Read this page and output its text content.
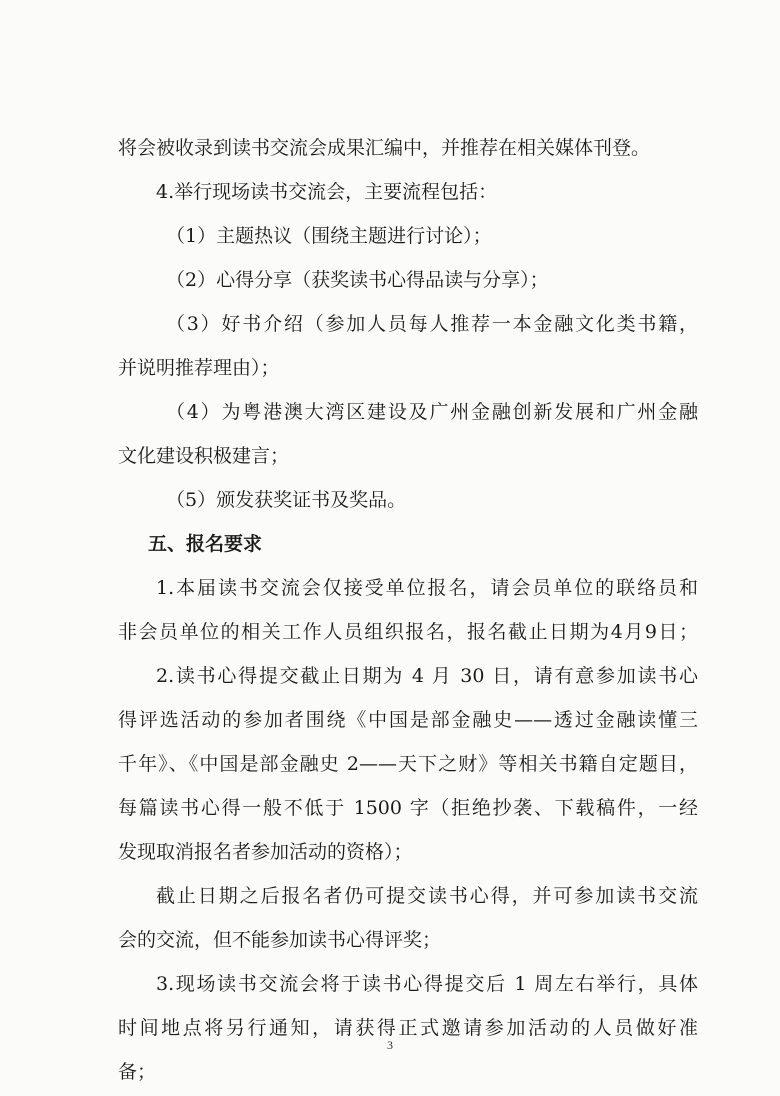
将会被收录到读书交流会成果汇编中，并推荐在相关媒体刊登。
4.举行现场读书交流会，主要流程包括：
（1）主题热议（围绕主题进行讨论）；
（2）心得分享（获奖读书心得品读与分享）；
（3）好书介绍（参加人员每人推荐一本金融文化类书籍，
并说明推荐理由）；
（4）为粤港澳大湾区建设及广州金融创新发展和广州金融
文化建设积极建言；
（5）颁发获奖证书及奖品。
五、报名要求
1.本届读书交流会仅接受单位报名，请会员单位的联络员和
非会员单位的相关工作人员组织报名，报名截止日期为4月9日；
2.读书心得提交截止日期为 4 月 30 日，请有意参加读书心
得评选活动的参加者围绕《中国是部金融史——透过金融读懂三
千年》、《中国是部金融史 2——天下之财》等相关书籍自定题目，
每篇读书心得一般不低于 1500 字（拒绝抄袭、下载稿件，一经
发现取消报名者参加活动的资格）；
截止日期之后报名者仍可提交读书心得，并可参加读书交流
会的交流，但不能参加读书心得评奖；
3.现场读书交流会将于读书心得提交后 1 周左右举行，具体
时间地点将另行通知，请获得正式邀请参加活动的人员做好准
备；
3
